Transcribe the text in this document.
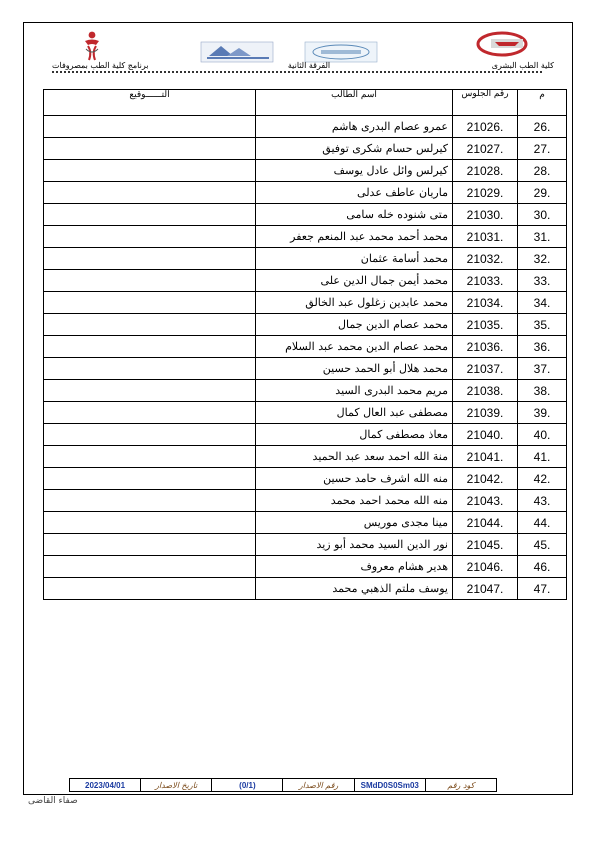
كلية الطب البشرى
الفرقة الثانية
برنامج كلية الطب بمصروفات
م	رقم الجلوس	اسم الطالب	التــــــوقيع
26.	21026.	عمرو عصام البدرى هاشم	
27.	21027.	كيرلس حسام شكرى توفيق	
28.	21028.	كيرلس وائل عادل يوسف	
29.	21029.	ماريان عاطف عدلى	
30.	21030.	متى شنوده خله سامى	
31.	21031.	محمد أحمد محمد عبد المنعم جعفر	
32.	21032.	محمد أسامة عثمان	
33.	21033.	محمد أيمن جمال الدين على	
34.	21034.	محمد عابدين زغلول عبد الخالق	
35.	21035.	محمد عصام الدين جمال	
36.	21036.	محمد عصام الدين محمد عبد السلام	
37.	21037.	محمد هلال أبو الحمد حسين	
38.	21038.	مريم محمد البدرى السيد	
39.	21039.	مصطفى عبد العال كمال	
40.	21040.	معاذ مصطفى كمال	
41.	21041.	منة الله احمد سعد عبد الحميد	
42.	21042.	منه الله اشرف حامد حسين	
43.	21043.	منه الله محمد احمد محمد	
44.	21044.	مينا مجدى موريس	
45.	21045.	نور الدين السيد محمد أبو زيد	
46.	21046.	هدير هشام معروف	
47.	21047.	يوسف ملتم الذهبي محمد	
كود رقم
SMdD0S0Sm03
رقم الاصدار
(0/1)
تاريخ الاصدار
2023/04/01
صفاء القاضى
